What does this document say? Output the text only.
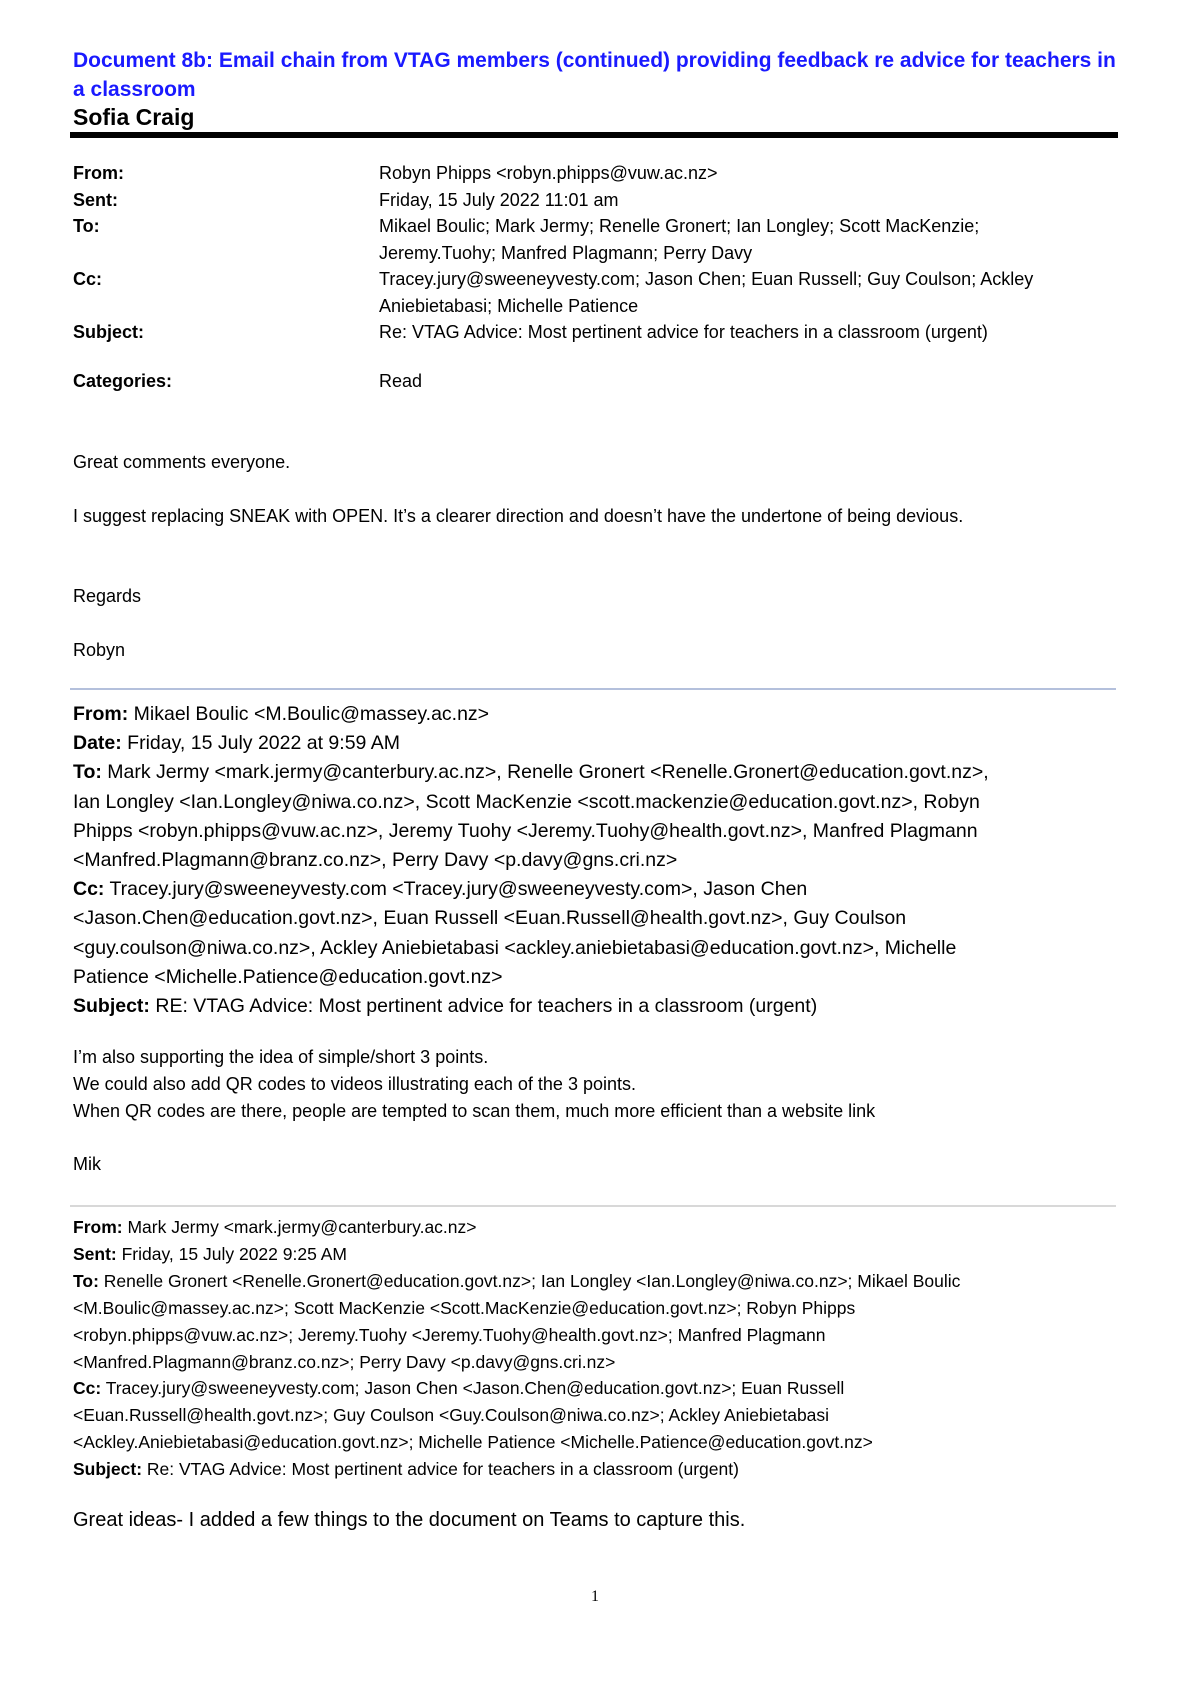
Document 8b: Email chain from VTAG members (continued) providing feedback re advice for teachers in a classroom
Sofia Craig
From:	Robyn Phipps <robyn.phipps@vuw.ac.nz>
Sent:	Friday, 15 July 2022 11:01 am
To:	Mikael Boulic; Mark Jermy; Renelle Gronert; Ian Longley; Scott MacKenzie;
Jeremy.Tuohy; Manfred Plagmann; Perry Davy
Cc:	Tracey.jury@sweeneyvesty.com; Jason Chen; Euan Russell; Guy Coulson; Ackley
Aniebietabasi; Michelle Patience
Subject:	Re: VTAG Advice: Most pertinent advice for teachers in a classroom (urgent)
Categories:	Read
Great comments everyone.
I suggest replacing SNEAK with OPEN. It’s a clearer direction and doesn’t have the undertone of being devious.
Regards
Robyn
From: Mikael Boulic <M.Boulic@massey.ac.nz>
Date: Friday, 15 July 2022 at 9:59 AM
To: Mark Jermy <mark.jermy@canterbury.ac.nz>, Renelle Gronert <Renelle.Gronert@education.govt.nz>,
Ian Longley <Ian.Longley@niwa.co.nz>, Scott MacKenzie <scott.mackenzie@education.govt.nz>, Robyn
Phipps <robyn.phipps@vuw.ac.nz>, Jeremy Tuohy <Jeremy.Tuohy@health.govt.nz>, Manfred Plagmann
<Manfred.Plagmann@branz.co.nz>, Perry Davy <p.davy@gns.cri.nz>
Cc: Tracey.jury@sweeneyvesty.com <Tracey.jury@sweeneyvesty.com>, Jason Chen
<Jason.Chen@education.govt.nz>, Euan Russell <Euan.Russell@health.govt.nz>, Guy Coulson
<guy.coulson@niwa.co.nz>, Ackley Aniebietabasi <ackley.aniebietabasi@education.govt.nz>, Michelle
Patience <Michelle.Patience@education.govt.nz>
Subject: RE: VTAG Advice: Most pertinent advice for teachers in a classroom (urgent)
I’m also supporting the idea of simple/short 3 points.
We could also add QR codes to videos illustrating each of the 3 points.
When QR codes are there, people are tempted to scan them, much more efficient than a website link
Mik
From: Mark Jermy <mark.jermy@canterbury.ac.nz>
Sent: Friday, 15 July 2022 9:25 AM
To: Renelle Gronert <Renelle.Gronert@education.govt.nz>; Ian Longley <Ian.Longley@niwa.co.nz>; Mikael Boulic
<M.Boulic@massey.ac.nz>; Scott MacKenzie <Scott.MacKenzie@education.govt.nz>; Robyn Phipps
<robyn.phipps@vuw.ac.nz>; Jeremy.Tuohy <Jeremy.Tuohy@health.govt.nz>; Manfred Plagmann
<Manfred.Plagmann@branz.co.nz>; Perry Davy <p.davy@gns.cri.nz>
Cc: Tracey.jury@sweeneyvesty.com; Jason Chen <Jason.Chen@education.govt.nz>; Euan Russell
<Euan.Russell@health.govt.nz>; Guy Coulson <Guy.Coulson@niwa.co.nz>; Ackley Aniebietabasi
<Ackley.Aniebietabasi@education.govt.nz>; Michelle Patience <Michelle.Patience@education.govt.nz>
Subject: Re: VTAG Advice: Most pertinent advice for teachers in a classroom (urgent)
Great ideas- I added a few things to the document on Teams to capture this.
1
